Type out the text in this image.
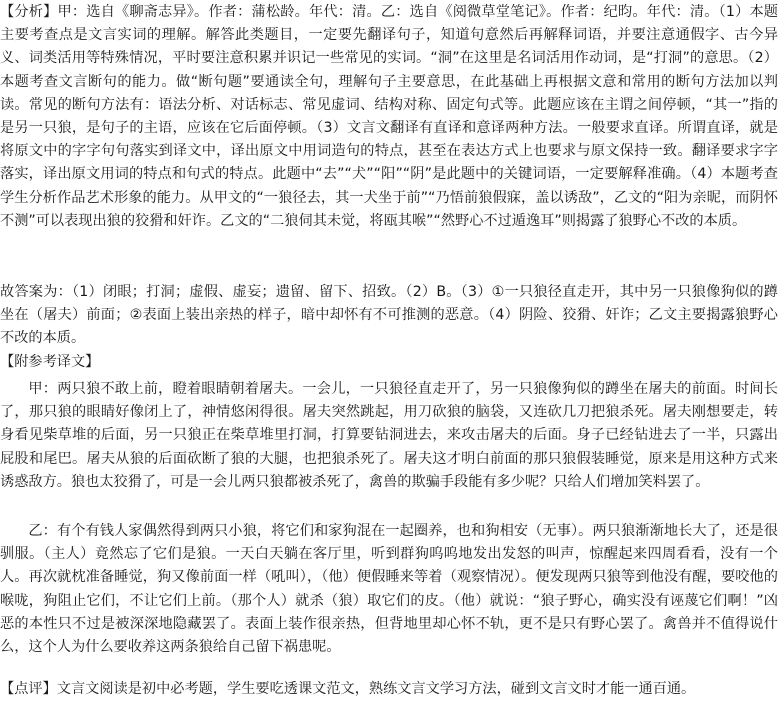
【分析】甲：选自《聊斋志异》。作者：蒲松龄。年代：清。乙：选自《阅微草堂笔记》。作者：纪昀。年代：清。（1）本题主要考查点是文言实词的理解。解答此类题目，一定要先翻译句子，知道句意然后再解释词语，并要注意通假字、古今异义、词类活用等特殊情况，平时要注意积累并识记一些常见的实词。“洞”在这里是名词活用作动词，是“打洞”的意思。（2）本题考查文言断句的能力。做“断句题”要通读全句，理解句子主要意思，在此基础上再根据文意和常用的断句方法加以判读。常见的断句方法有：语法分析、对话标志、常见虚词、结构对称、固定句式等。此题应该在主谓之间停顿，“其一”指的是另一只狼，是句子的主语，应该在它后面停顿。（3）文言文翻译有直译和意译两种方法。一般要求直译。所谓直译，就是将原文中的字字句句落实到译文中，译出原文中用词造句的特点，甚至在表达方式上也要求与原文保持一致。翻译要求字字落实，译出原文用词的特点和句式的特点。此题中“去”“犬”“阳”“阴”是此题中的关键词语，一定要解释准确。（4）本题考查学生分析作品艺术形象的能力。从甲文的“一狼径去，其一犬坐于前”“乃悟前狼假寐，盖以诱敌”，乙文的“阳为亲昵，而阴怀不测”可以表现出狼的狡猾和奸诈。乙文的“二狼伺其未觉，将瓯其喉”“然野心不过遁逸耳”则揭露了狼野心不改的本质。

故答案为：（1）闭眼；打洞；虚假、虚妄；遗留、留下、招致。（2）B。（3）①一只狼径直走开，其中另一只狼像狗似的蹲坐在（屠夫）前面；②表面上装出亲热的样子，暗中却怀有不可推测的恶意。（4）阴险、狡猾、奸诈；乙文主要揭露狼野心不改的本质。

【附参考译文】

甲：两只狼不敢上前，瞪着眼睛朝着屠夫。一会儿，一只狼径直走开了，另一只狼像狗似的蹲坐在屠夫的前面。时间长了，那只狼的眼睛好像闭上了，神情悠闲得很。屠夫突然跳起，用刀砍狼的脑袋，又连砍几刀把狼杀死。屠夫刚想要走，转身看见柴草堆的后面，另一只狼正在柴草堆里打洞，打算要钻洞进去，来攻击屠夫的后面。身子已经钻进去了一半，只露出屁股和尾巴。屠夫从狼的后面砍断了狼的大腿，也把狼杀死了。屠夫这才明白前面的那只狼假装睡觉，原来是用这种方式来诱惑敌方。狼也太狡猾了，可是一会儿两只狼都被杀死了，禽兽的欺骗手段能有多少呢？只给人们增加笑料罢了。

乙：有个有钱人家偶然得到两只小狼，将它们和家狗混在一起圈养，也和狗相安（无事）。两只狼渐渐地长大了，还是很驯服。（主人）竟然忘了它们是狼。一天白天躺在客厅里，听到群狗呜呜地发出发怒的叫声，惊醒起来四周看看，没有一个人。再次就枕准备睡觉，狗又像前面一样（吼叫），（他）便假睡来等着（观察情况）。便发现两只狼等到他没有醒，要咬他的喉咙，狗阻止它们，不让它们上前。（那个人）就杀（狼）取它们的皮。（他）就说：“狼子野心，确实没有诬蔑它们啊！”凶恶的本性只不过是被深深地隐藏罢了。表面上装作很亲热，但背地里却心怀不轨，更不是只有野心罢了。禽兽并不值得说什么，这个人为什么要收养这两条狼给自己留下祸患呢。

【点评】文言文阅读是初中必考题，学生要吃透课文范文，熟练文言文学习方法，碰到文言文时才能一通百通。
